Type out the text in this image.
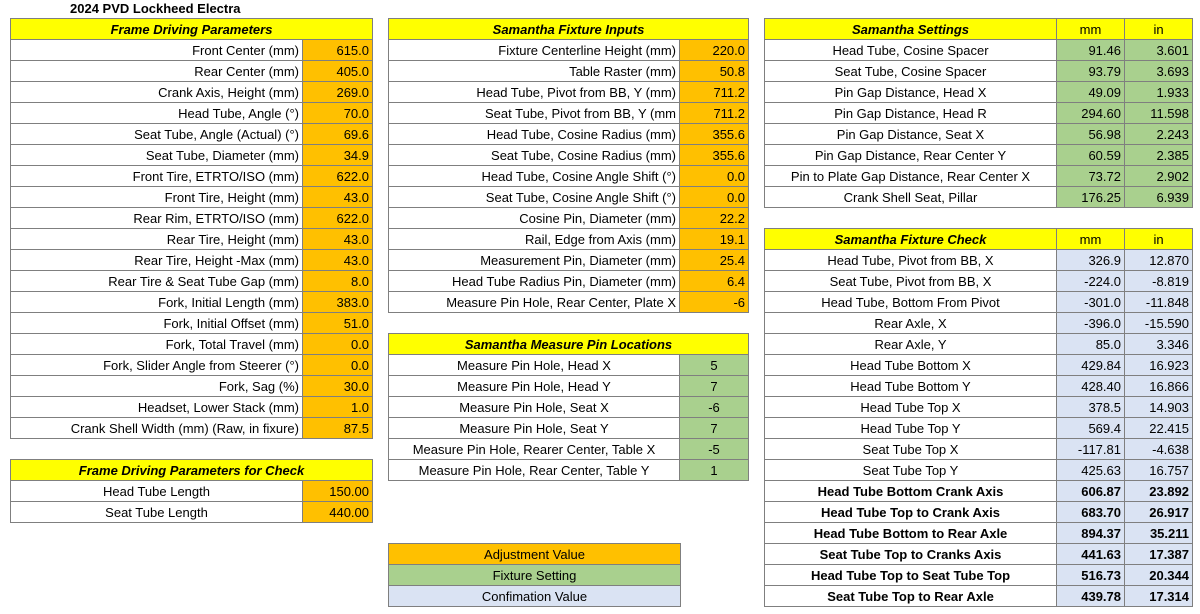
2024 PVD Lockheed Electra
Frame Driving Parameters	
Front Center (mm)	615.0
Rear Center (mm)	405.0
Crank Axis, Height (mm)	269.0
Head Tube, Angle (°)	70.0
Seat Tube, Angle (Actual) (°)	69.6
Seat Tube, Diameter (mm)	34.9
Front Tire, ETRTO/ISO (mm)	622.0
Front Tire, Height (mm)	43.0
Rear Rim, ETRTO/ISO (mm)	622.0
Rear Tire, Height (mm)	43.0
Rear Tire, Height -Max (mm)	43.0
Rear Tire & Seat Tube Gap (mm)	8.0
Fork, Initial Length (mm)	383.0
Fork, Initial Offset (mm)	51.0
Fork, Total Travel (mm)	0.0
Fork, Slider Angle from Steerer (°)	0.0
Fork, Sag (%)	30.0
Headset, Lower Stack (mm)	1.0
Crank Shell Width (mm) (Raw, in fixure)	87.5
Frame Driving Parameters for Check	
Head Tube Length	150.00
Seat Tube Length	440.00
Samantha Fixture Inputs	
Fixture Centerline Height (mm)	220.0
Table Raster (mm)	50.8
Head Tube, Pivot from BB, Y (mm)	711.2
Seat Tube, Pivot from BB, Y (mm	711.2
Head Tube, Cosine Radius (mm)	355.6
Seat Tube, Cosine Radius (mm)	355.6
Head Tube, Cosine Angle Shift (°)	0.0
Seat Tube, Cosine Angle Shift (°)	0.0
Cosine Pin, Diameter (mm)	22.2
Rail, Edge from Axis (mm)	19.1
Measurement Pin, Diameter (mm)	25.4
Head Tube Radius Pin, Diameter (mm)	6.4
Measure Pin Hole, Rear Center, Plate X	-6
Samantha Measure Pin Locations	
Measure Pin Hole, Head X	5
Measure Pin Hole, Head Y	7
Measure Pin Hole, Seat X	-6
Measure Pin Hole, Seat Y	7
Measure Pin Hole, Rearer Center, Table X	-5
Measure Pin Hole, Rear Center, Table Y	1
Adjustment Value
Fixture Setting
Confimation Value
Samantha Settings	mm	in
Head Tube, Cosine Spacer	91.46	3.601
Seat Tube, Cosine Spacer	93.79	3.693
Pin Gap Distance, Head X	49.09	1.933
Pin Gap Distance, Head R	294.60	11.598
Pin Gap Distance, Seat X	56.98	2.243
Pin Gap Distance, Rear Center Y	60.59	2.385
Pin to Plate Gap Distance, Rear Center X	73.72	2.902
Crank Shell Seat, Pillar	176.25	6.939
Samantha Fixture Check	mm	in
Head Tube, Pivot from BB, X	326.9	12.870
Seat Tube, Pivot from BB, X	-224.0	-8.819
Head Tube, Bottom From Pivot	-301.0	-11.848
Rear Axle, X	-396.0	-15.590
Rear Axle, Y	85.0	3.346
Head Tube Bottom X	429.84	16.923
Head Tube Bottom Y	428.40	16.866
Head Tube Top X	378.5	14.903
Head Tube Top Y	569.4	22.415
Seat Tube Top X	-117.81	-4.638
Seat Tube Top Y	425.63	16.757
Head Tube Bottom Crank Axis	606.87	23.892
Head Tube Top to Crank Axis	683.70	26.917
Head Tube Bottom to Rear Axle	894.37	35.211
Seat Tube Top to Cranks Axis	441.63	17.387
Head Tube Top to Seat Tube Top	516.73	20.344
Seat Tube Top to Rear Axle	439.78	17.314
